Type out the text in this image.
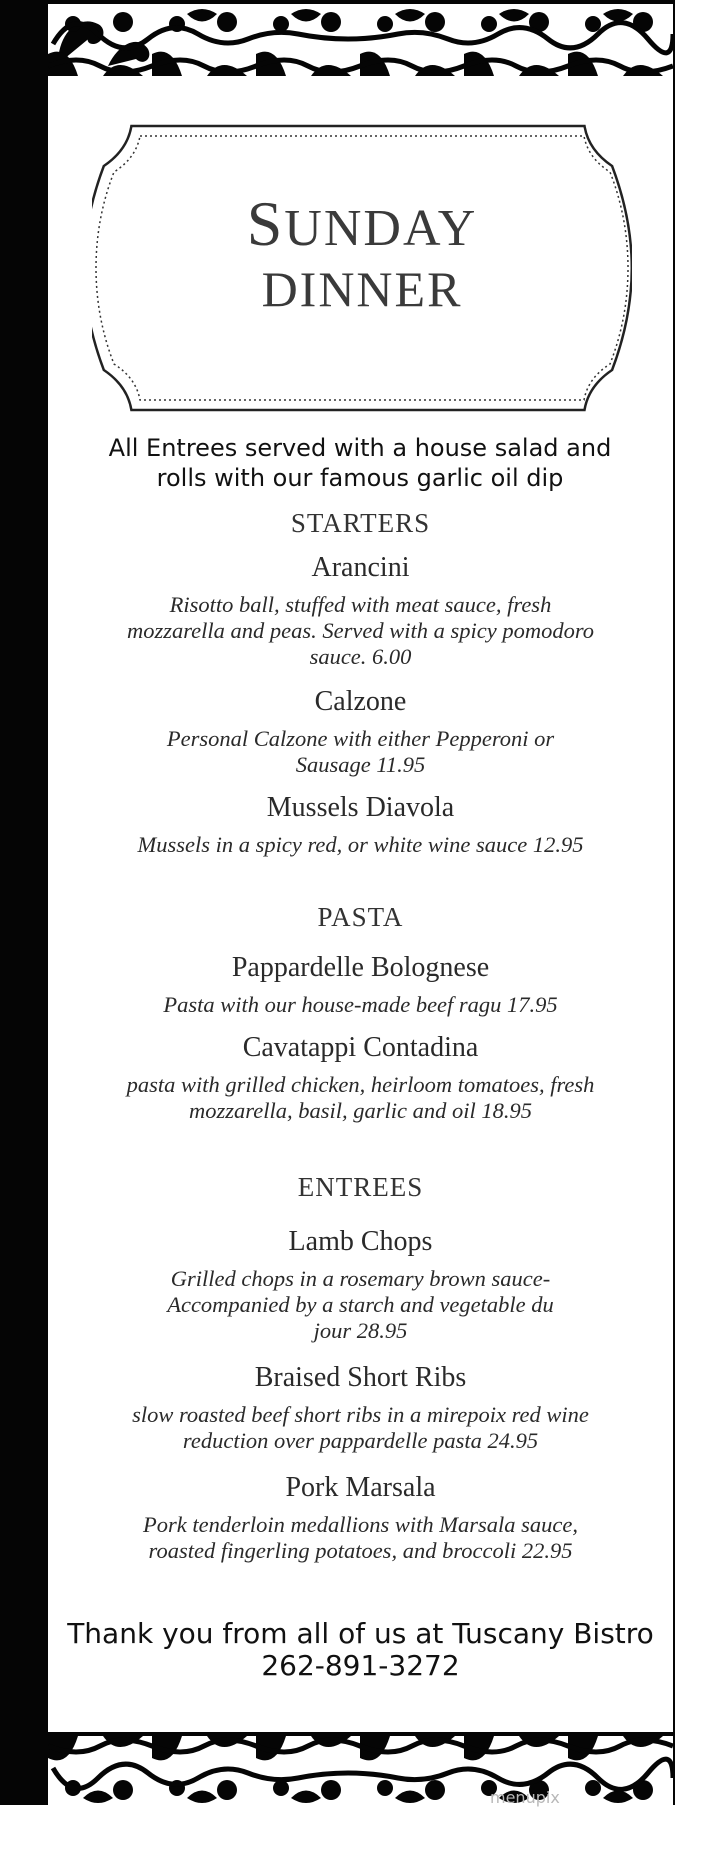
SUNDAY
DINNER
All Entrees served with a house salad and
rolls with our famous garlic oil dip
STARTERS
Arancini
Risotto ball, stuffed with meat sauce, fresh
mozzarella and peas. Served with a spicy pomodoro
sauce. 6.00
Calzone
Personal Calzone with either Pepperoni or
Sausage 11.95
Mussels Diavola
Mussels in a spicy red, or white wine sauce 12.95
PASTA
Pappardelle Bolognese
Pasta with our house-made beef ragu 17.95
Cavatappi Contadina
pasta with grilled chicken, heirloom tomatoes, fresh
mozzarella, basil, garlic and oil 18.95
ENTREES
Lamb Chops
Grilled chops in a rosemary brown sauce-
Accompanied by a starch and vegetable du
jour 28.95
Braised Short Ribs
slow roasted beef short ribs in a mirepoix red wine
reduction over pappardelle pasta 24.95
Pork Marsala
Pork tenderloin medallions with Marsala sauce,
roasted fingerling potatoes, and broccoli 22.95
Thank you from all of us at Tuscany Bistro
262-891-3272
menupix
